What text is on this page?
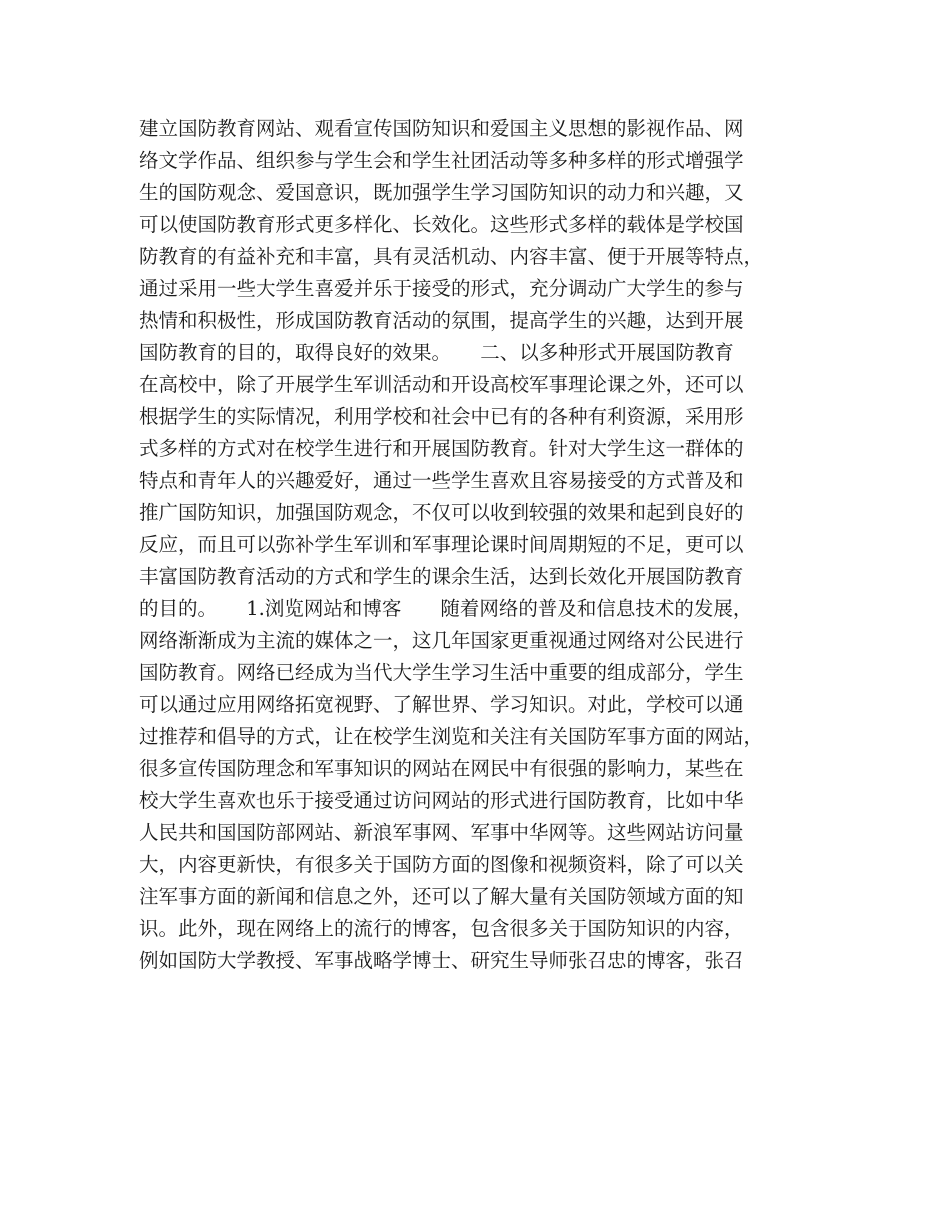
建立国防教育网站、观看宣传国防知识和爱国主义思想的影视作品、网
络文学作品、组织参与学生会和学生社团活动等多种多样的形式增强学
生的国防观念、爱国意识，既加强学生学习国防知识的动力和兴趣，又
可以使国防教育形式更多样化、长效化。这些形式多样的载体是学校国
防教育的有益补充和丰富，具有灵活机动、内容丰富、便于开展等特点，
通过采用一些大学生喜爱并乐于接受的形式，充分调动广大学生的参与
热情和积极性，形成国防教育活动的氛围，提高学生的兴趣，达到开展
国防教育的目的，取得良好的效果。　　二、以多种形式开展国防教育
在高校中，除了开展学生军训活动和开设高校军事理论课之外，还可以
根据学生的实际情况，利用学校和社会中已有的各种有利资源，采用形
式多样的方式对在校学生进行和开展国防教育。针对大学生这一群体的
特点和青年人的兴趣爱好，通过一些学生喜欢且容易接受的方式普及和
推广国防知识，加强国防观念，不仅可以收到较强的效果和起到良好的
反应，而且可以弥补学生军训和军事理论课时间周期短的不足，更可以
丰富国防教育活动的方式和学生的课余生活，达到长效化开展国防教育
的目的。　　1.浏览网站和博客　　随着网络的普及和信息技术的发展，
网络渐渐成为主流的媒体之一，这几年国家更重视通过网络对公民进行
国防教育。网络已经成为当代大学生学习生活中重要的组成部分，学生
可以通过应用网络拓宽视野、了解世界、学习知识。对此，学校可以通
过推荐和倡导的方式，让在校学生浏览和关注有关国防军事方面的网站，
很多宣传国防理念和军事知识的网站在网民中有很强的影响力，某些在
校大学生喜欢也乐于接受通过访问网站的形式进行国防教育，比如中华
人民共和国国防部网站、新浪军事网、军事中华网等。这些网站访问量
大，内容更新快，有很多关于国防方面的图像和视频资料，除了可以关
注军事方面的新闻和信息之外，还可以了解大量有关国防领域方面的知
识。此外，现在网络上的流行的博客，包含很多关于国防知识的内容，
例如国防大学教授、军事战略学博士、研究生导师张召忠的博客，张召
